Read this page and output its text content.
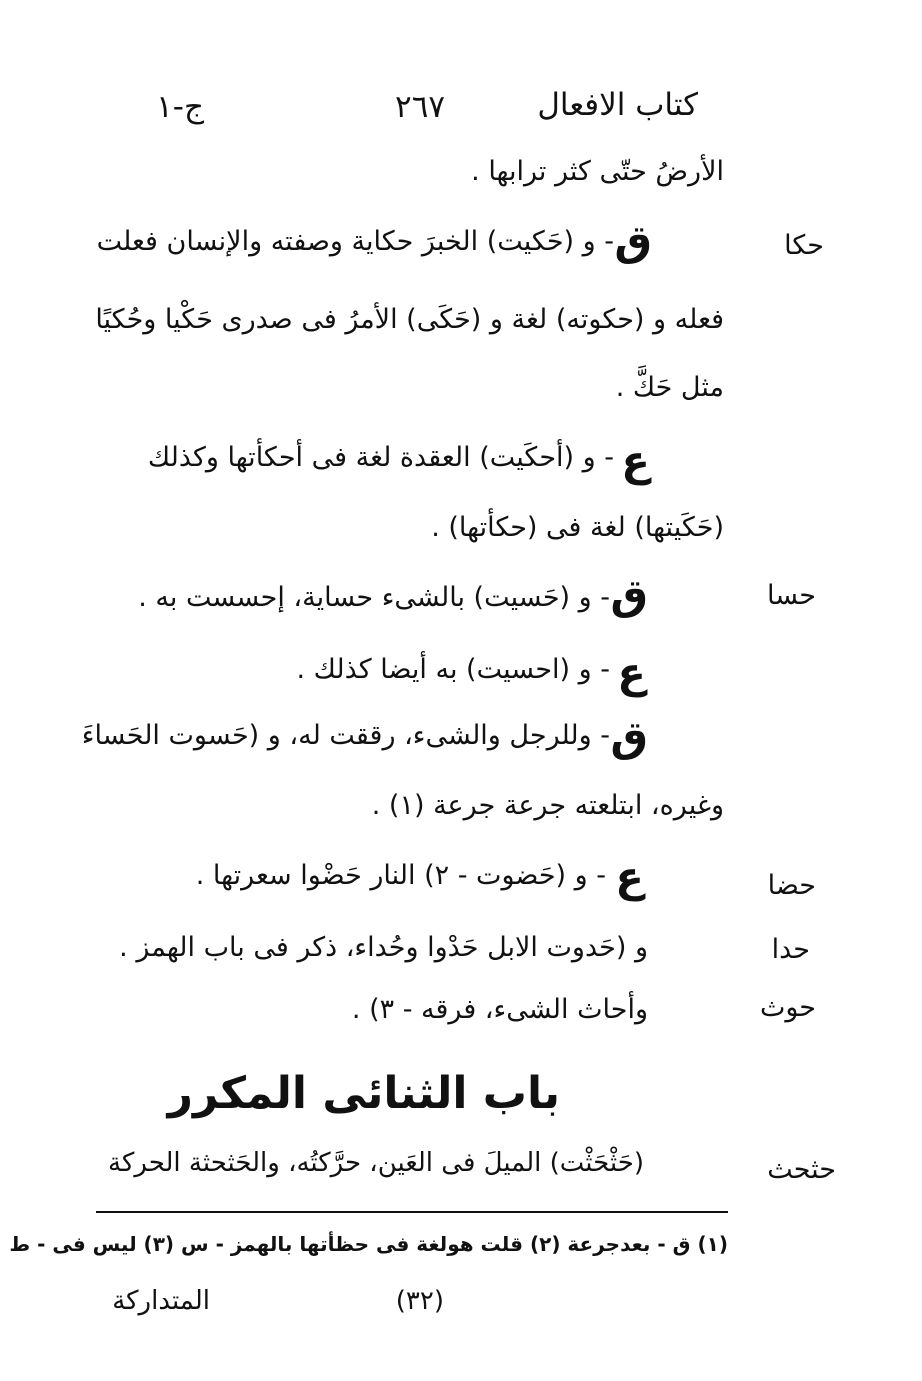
كتاب الافعال
٢٦٧
ج-١
الأرضُ حتّى كثر ترابها .
حكا
ق
- و (حَكيت) الخبرَ حكاية وصفته والإنسان فعلت
فعله و (حكوته) لغة و (حَكَى) الأمرُ فى صدرى حَكْيا وحُكيًا
مثل حَكَّ .
ع
- و (أحكَيت) العقدة لغة فى أحكأتها وكذلك
(حَكَيتها) لغة فى (حكأتها) .
حسا
ق
- و (حَسيت) بالشىء حساية، إحسست به .
ع
- و (احسيت) به أيضا كذلك .
ق
- وللرجل والشىء، رققت له، و (حَسوت الحَساءَ
وغيره، ابتلعته جرعة جرعة (١) .
حضا
ع
- و (حَضوت - ٢) النار حَضْوا سعرتها .
حدا
و (حَدوت الابل حَدْوا وحُداء، ذكر فى باب الهمز .
حوث
وأحاث الشىء، فرقه - ٣) .
باب الثنائى المكرر
حثحث
(حَثْحَثْت) الميلَ فى العَين، حرَّكتُه، والحَثحثة الحركة
(١) ق - بعدجرعة (٢) قلت هولغة فى حظأتها بالهمز - س (٣) ليس فى - ط
(٣٢)
المتداركة
